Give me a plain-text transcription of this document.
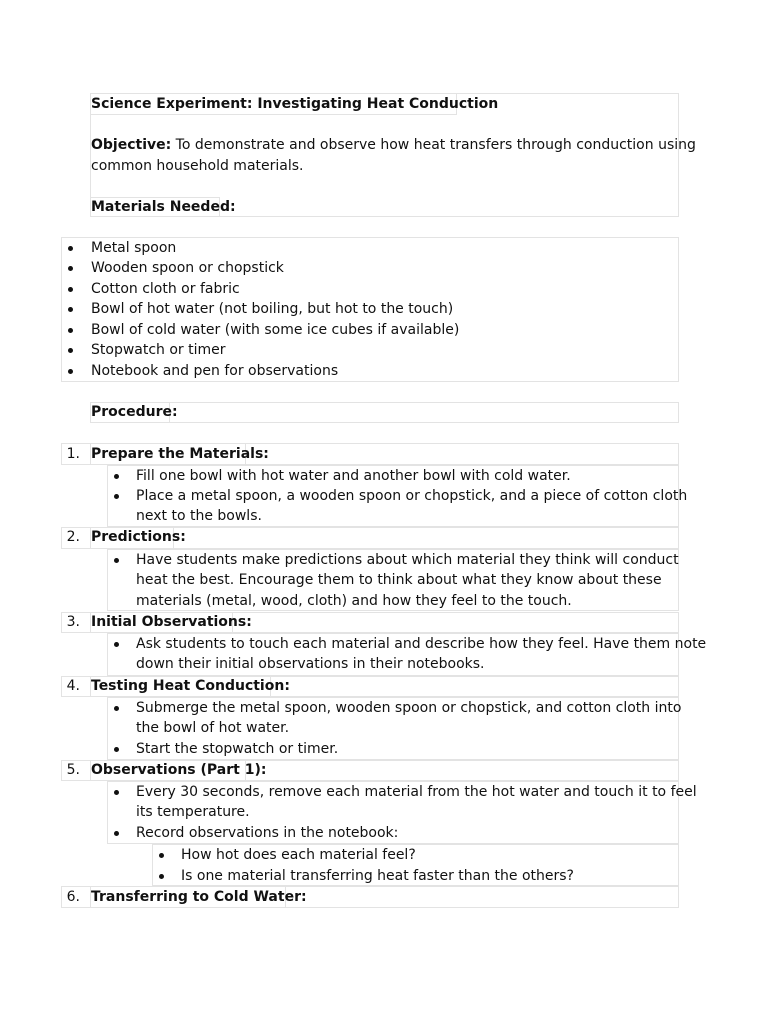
Science Experiment: Investigating Heat Conduction
Objective: To demonstrate and observe how heat transfers through conduction using
common household materials.
Materials Needed:
Metal spoon
Wooden spoon or chopstick
Cotton cloth or fabric
Bowl of hot water (not boiling, but hot to the touch)
Bowl of cold water (with some ice cubes if available)
Stopwatch or timer
Notebook and pen for observations
Procedure:
1. Prepare the Materials:
Fill one bowl with hot water and another bowl with cold water.
Place a metal spoon, a wooden spoon or chopstick, and a piece of cotton cloth
next to the bowls.
2. Predictions:
Have students make predictions about which material they think will conduct
heat the best. Encourage them to think about what they know about these
materials (metal, wood, cloth) and how they feel to the touch.
3. Initial Observations:
Ask students to touch each material and describe how they feel. Have them note
down their initial observations in their notebooks.
4. Testing Heat Conduction:
Submerge the metal spoon, wooden spoon or chopstick, and cotton cloth into
the bowl of hot water.
Start the stopwatch or timer.
5. Observations (Part 1):
Every 30 seconds, remove each material from the hot water and touch it to feel
its temperature.
Record observations in the notebook:
How hot does each material feel?
Is one material transferring heat faster than the others?
6. Transferring to Cold Water:
